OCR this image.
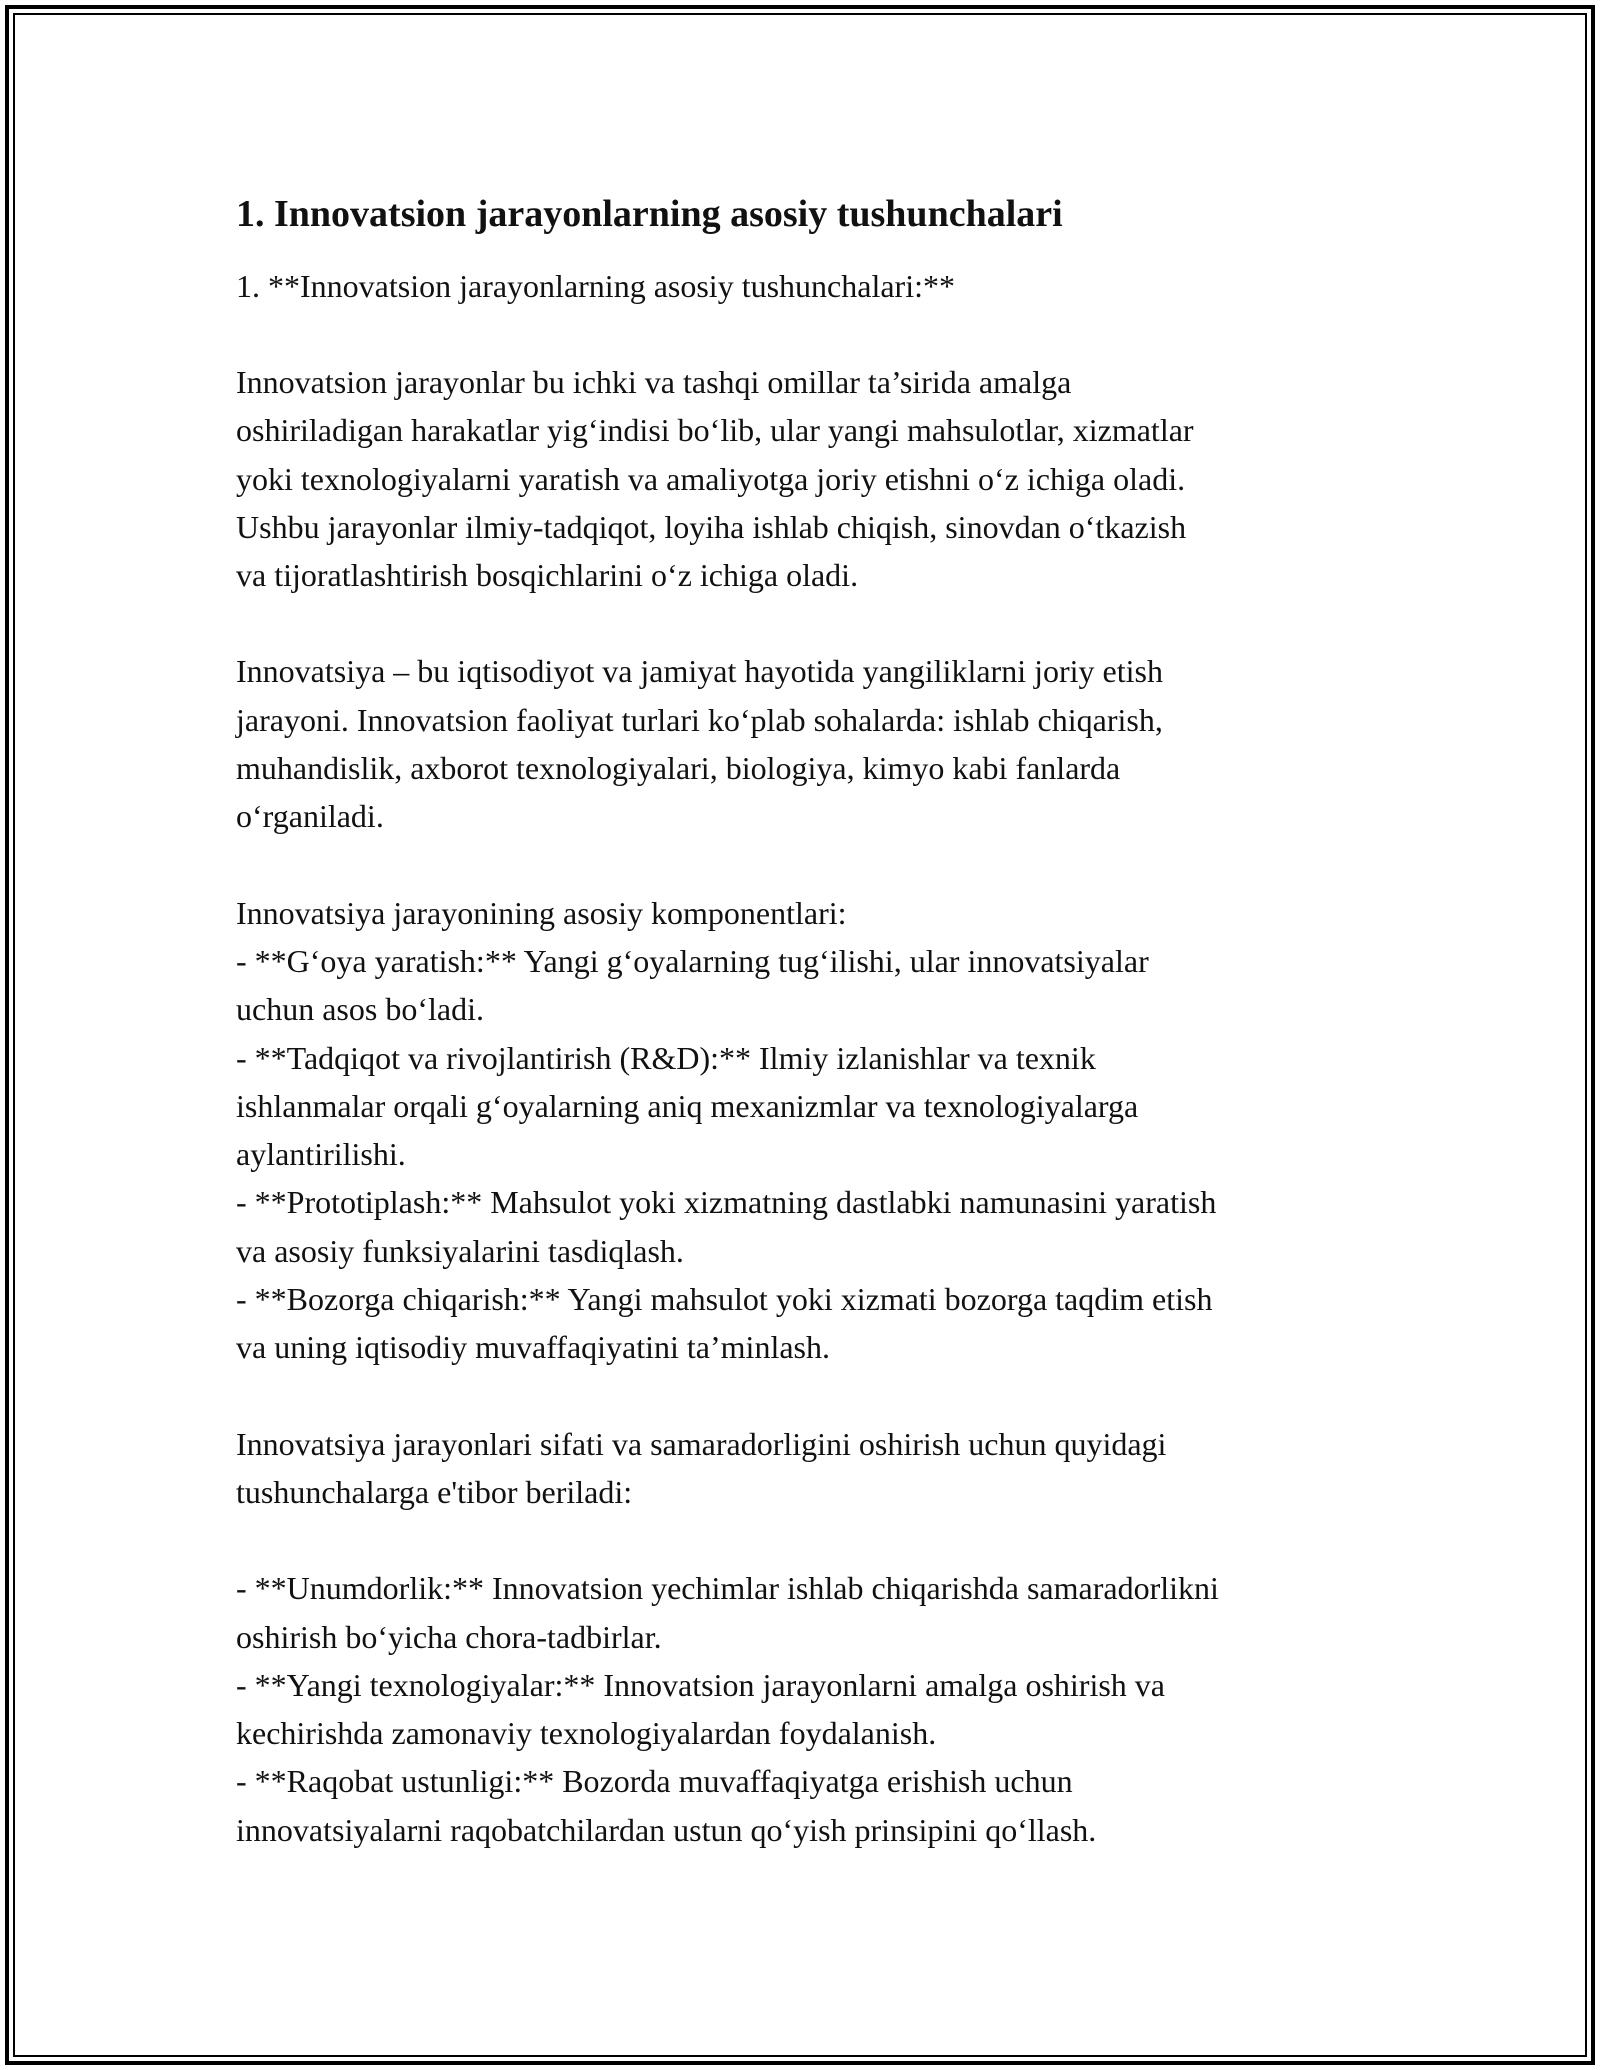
1. Innovatsion jarayonlarning asosiy tushunchalari

1. **Innovatsion jarayonlarning asosiy tushunchalari:**

Innovatsion jarayonlar bu ichki va tashqi omillar ta’sirida amalga
oshiriladigan harakatlar yig‘indisi bo‘lib, ular yangi mahsulotlar, xizmatlar
yoki texnologiyalarni yaratish va amaliyotga joriy etishni o‘z ichiga oladi.
Ushbu jarayonlar ilmiy-tadqiqot, loyiha ishlab chiqish, sinovdan o‘tkazish
va tijoratlashtirish bosqichlarini o‘z ichiga oladi.

Innovatsiya – bu iqtisodiyot va jamiyat hayotida yangiliklarni joriy etish
jarayoni. Innovatsion faoliyat turlari ko‘plab sohalarda: ishlab chiqarish,
muhandislik, axborot texnologiyalari, biologiya, kimyo kabi fanlarda
o‘rganiladi.

Innovatsiya jarayonining asosiy komponentlari:
- **G‘oya yaratish:** Yangi g‘oyalarning tug‘ilishi, ular innovatsiyalar
uchun asos bo‘ladi.
- **Tadqiqot va rivojlantirish (R&D):** Ilmiy izlanishlar va texnik
ishlanmalar orqali g‘oyalarning aniq mexanizmlar va texnologiyalarga
aylantirilishi.
- **Prototiplash:** Mahsulot yoki xizmatning dastlabki namunasini yaratish
va asosiy funksiyalarini tasdiqlash.
- **Bozorga chiqarish:** Yangi mahsulot yoki xizmati bozorga taqdim etish
va uning iqtisodiy muvaffaqiyatini ta’minlash.

Innovatsiya jarayonlari sifati va samaradorligini oshirish uchun quyidagi
tushunchalarga e'tibor beriladi:

- **Unumdorlik:** Innovatsion yechimlar ishlab chiqarishda samaradorlikni
oshirish bo‘yicha chora-tadbirlar.
- **Yangi texnologiyalar:** Innovatsion jarayonlarni amalga oshirish va
kechirishda zamonaviy texnologiyalardan foydalanish.
- **Raqobat ustunligi:** Bozorda muvaffaqiyatga erishish uchun
innovatsiyalarni raqobatchilardan ustun qo‘yish prinsipini qo‘llash.
